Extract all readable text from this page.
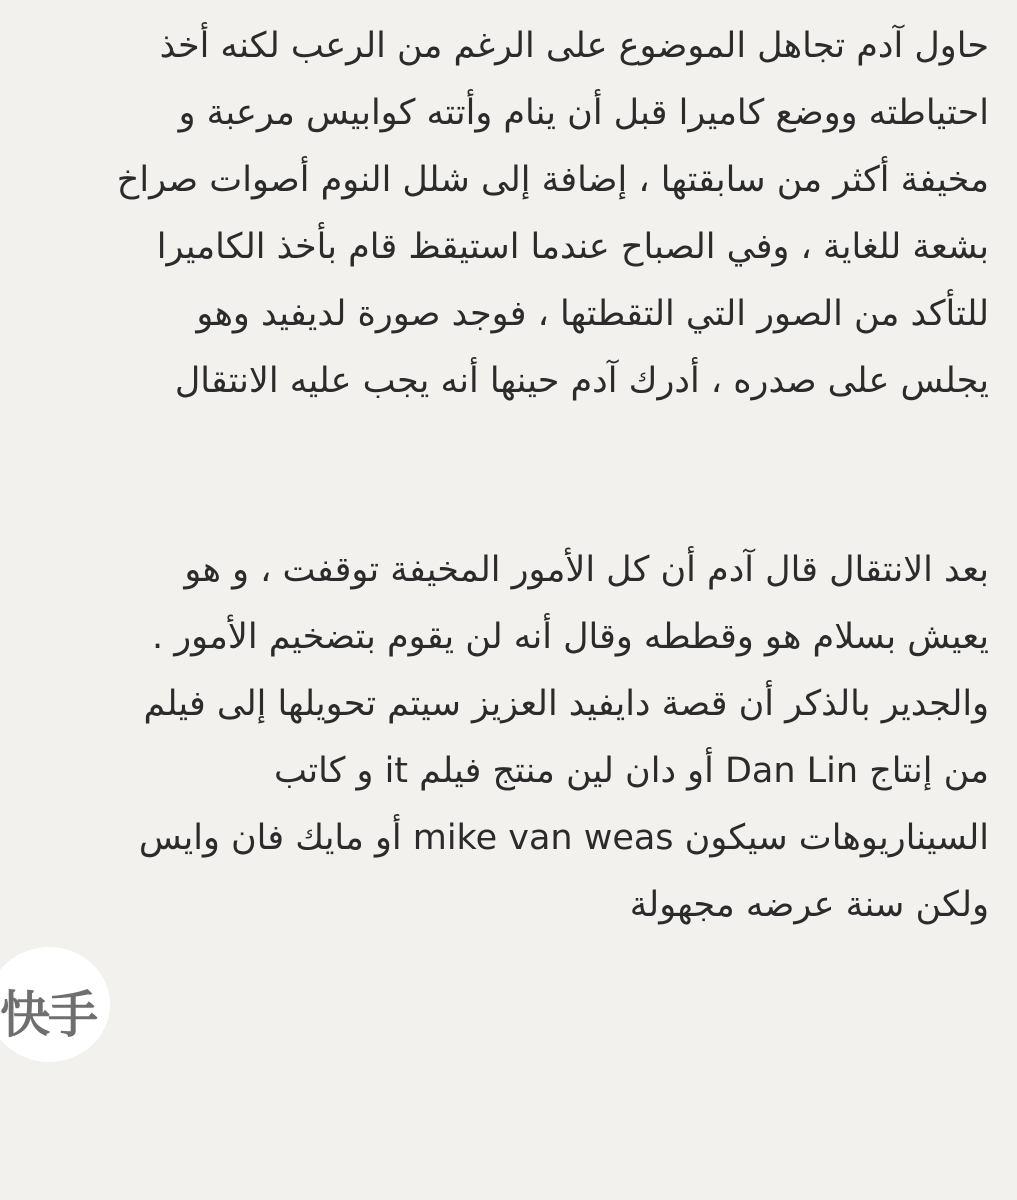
حاول آدم تجاهل الموضوع على الرغم من الرعب لكنه أخذ
احتياطته ووضع كاميرا قبل أن ينام وأتته كوابيس مرعبة و
مخيفة أكثر من سابقتها ، إضافة إلى شلل النوم أصوات صراخ
بشعة للغاية ، وفي الصباح عندما استيقظ قام بأخذ الكاميرا
للتأكد من الصور التي التقطتها ، فوجد صورة لديفيد وهو
يجلس على صدره ، أدرك آدم حينها أنه يجب عليه الانتقال
بعد الانتقال قال آدم أن كل الأمور المخيفة توقفت ، و هو
يعيش بسلام هو وقططه وقال أنه لن يقوم بتضخيم الأمور .
والجدير بالذكر أن قصة دايفيد العزيز سيتم تحويلها إلى فيلم
من إنتاج Dan Lin أو دان لين منتج فيلم it و كاتب
السيناريوهات سيكون mike van weas أو مايك فان وايس
ولكن سنة عرضه مجهولة
快手
